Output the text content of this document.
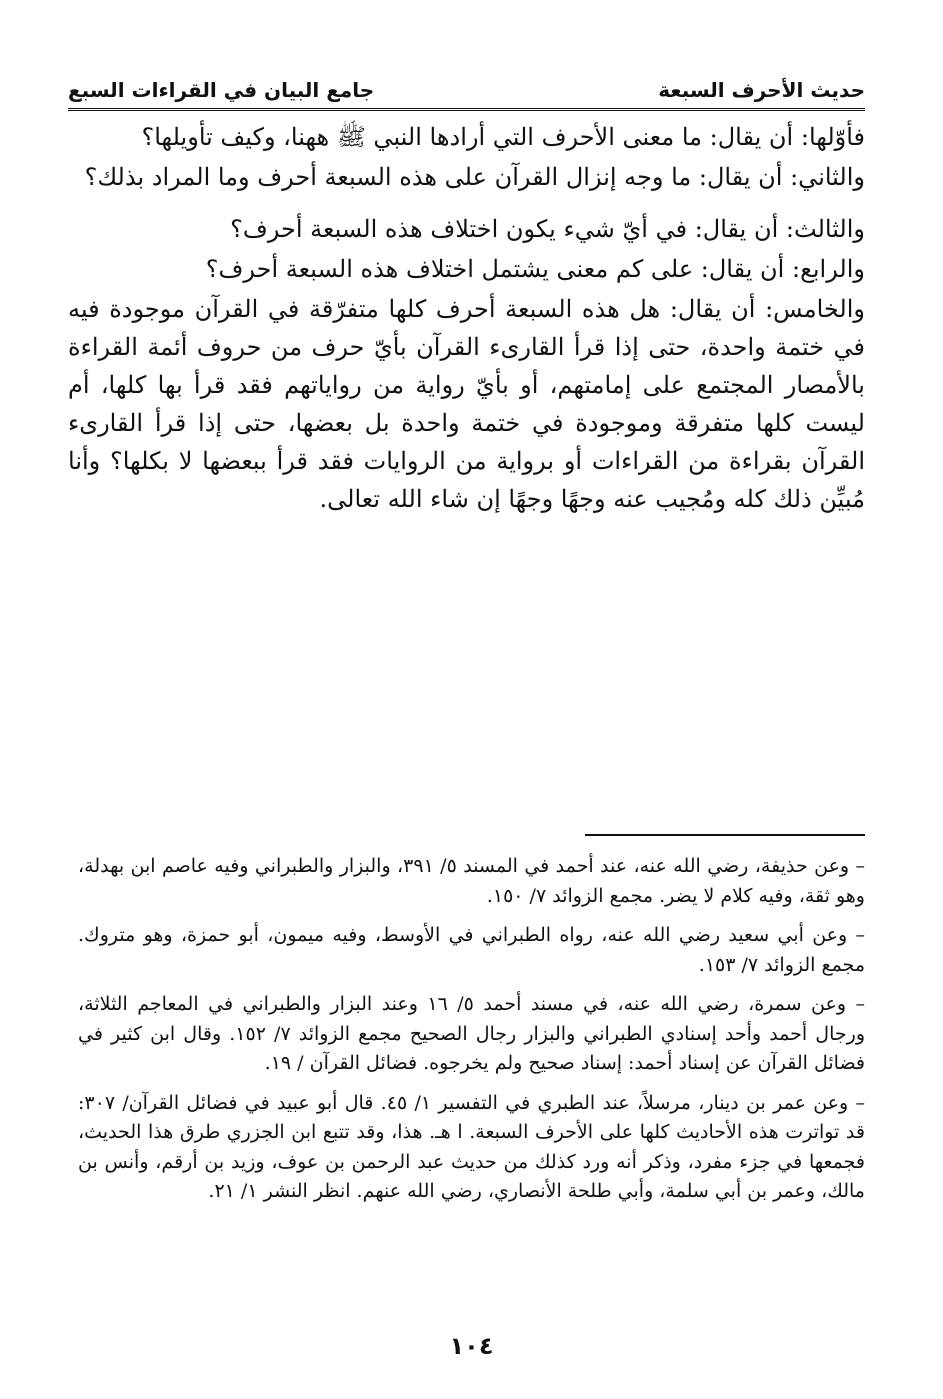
حديث الأحرف السبعة
جامع البيان في القراءات السبع

فأوّلها: أن يقال: ما معنى الأحرف التي أرادها النبي ﷺ ههنا، وكيف تأويلها؟

والثاني: أن يقال: ما وجه إنزال القرآن على هذه السبعة أحرف وما المراد بذلك؟

والثالث: أن يقال: في أيّ شيء يكون اختلاف هذه السبعة أحرف؟

والرابع: أن يقال: على كم معنى يشتمل اختلاف هذه السبعة أحرف؟

والخامس: أن يقال: هل هذه السبعة أحرف كلها متفرّقة في القرآن موجودة فيه في ختمة واحدة، حتى إذا قرأ القارىء القرآن بأيّ حرف من حروف أئمة القراءة بالأمصار المجتمع على إمامتهم، أو بأيّ رواية من رواياتهم فقد قرأ بها كلها، أم ليست كلها متفرقة وموجودة في ختمة واحدة بل بعضها، حتى إذا قرأ القارىء القرآن بقراءة من القراءات أو برواية من الروايات فقد قرأ ببعضها لا بكلها؟ وأنا مُبيِّن ذلك كله ومُجيب عنه وجهًا وجهًا إن شاء الله تعالى.

– وعن حذيفة، رضي الله عنه، عند أحمد في المسند ٥/ ٣٩١، والبزار والطبراني وفيه عاصم ابن بهدلة، وهو ثقة، وفيه كلام لا يضر. مجمع الزوائد ٧/ ١٥٠.

– وعن أبي سعيد رضي الله عنه، رواه الطبراني في الأوسط، وفيه ميمون، أبو حمزة، وهو متروك. مجمع الزوائد ٧/ ١٥٣.

– وعن سمرة، رضي الله عنه، في مسند أحمد ٥/ ١٦ وعند البزار والطبراني في المعاجم الثلاثة، ورجال أحمد وأحد إسنادي الطبراني والبزار رجال الصحيح مجمع الزوائد ٧/ ١٥٢. وقال ابن كثير في فضائل القرآن عن إسناد أحمد: إسناد صحيح ولم يخرجوه. فضائل القرآن / ١٩.

– وعن عمر بن دينار، مرسلاً، عند الطبري في التفسير ١/ ٤٥. قال أبو عبيد في فضائل القرآن/ ٣٠٧: قد تواترت هذه الأحاديث كلها على الأحرف السبعة. ا هـ. هذا، وقد تتبع ابن الجزري طرق هذا الحديث، فجمعها في جزء مفرد، وذكر أنه ورد كذلك من حديث عبد الرحمن بن عوف، وزيد بن أرقم، وأنس بن مالك، وعمر بن أبي سلمة، وأبي طلحة الأنصاري، رضي الله عنهم. انظر النشر ١/ ٢١.

١٠٤
